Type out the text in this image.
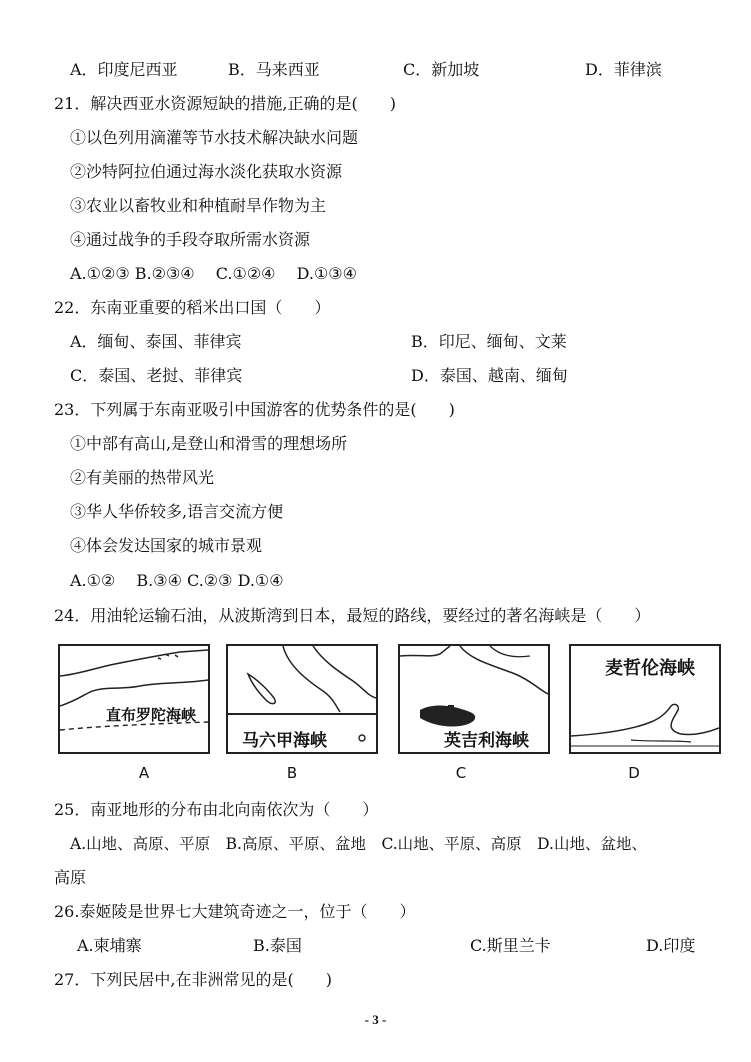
A．印度尼西亚	B．马来西亚	C．新加坡	D．菲律滨
21．解决西亚水资源短缺的措施,正确的是(　　)
①以色列用滴灌等节水技术解决缺水问题
②沙特阿拉伯通过海水淡化获取水资源
③农业以畜牧业和种植耐旱作物为主
④通过战争的手段夺取所需水资源
A.①②③ B.②③④　 C.①②④　 D.①③④
22．东南亚重要的稻米出口国（　　）
A．缅甸、泰国、菲律宾	B．印尼、缅甸、文莱
C．泰国、老挝、菲律宾	D．泰国、越南、缅甸
23．下列属于东南亚吸引中国游客的优势条件的是(　　)
①中部有高山,是登山和滑雪的理想场所
②有美丽的热带风光
③华人华侨较多,语言交流方便
④体会发达国家的城市景观
A.①②　 B.③④ C.②③ D.①④
24．用油轮运输石油，从波斯湾到日本，最短的路线，要经过的著名海峡是（　　）
直布罗陀海峡
马六甲海峡	英吉利海峡
麦哲伦海峡
A	B	C	D
25．南亚地形的分布由北向南依次为（　　）
A.山地、高原、平原　B.高原、平原、盆地　C.山地、平原、高原　D.山地、盆地、
高原
26.泰姬陵是世界七大建筑奇迹之一，位于（　　）
A.柬埔寨	B.泰国	C.斯里兰卡	D.印度
27．下列民居中,在非洲常见的是(　　)
- 3 -
